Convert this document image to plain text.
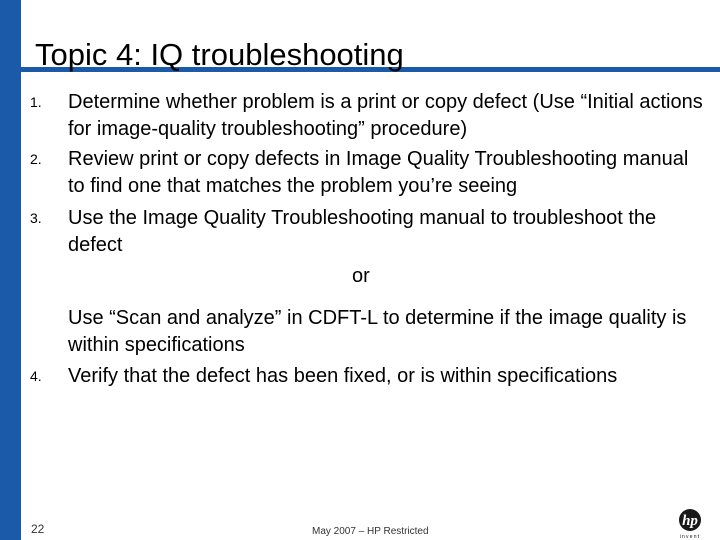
Topic 4: IQ troubleshooting
1. Determine whether problem is a print or copy defect (Use “Initial actions for image-quality troubleshooting” procedure)
2. Review print or copy defects in Image Quality Troubleshooting manual to find one that matches the problem you’re seeing
3. Use the Image Quality Troubleshooting manual to troubleshoot the defect
or
Use “Scan and analyze” in CDFT-L to determine if the image quality is within specifications
4. Verify that the defect has been fixed, or is within specifications
22	May 2007 – HP Restricted
hp
invent
